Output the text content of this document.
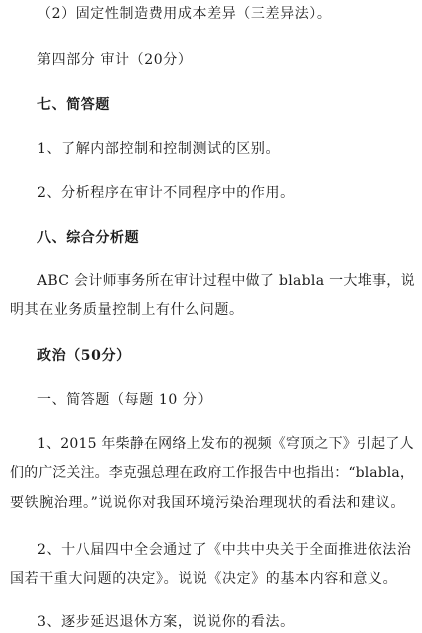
（2）固定性制造费用成本差异（三差异法）。
第四部分 审计（20分）
七、简答题
1、了解内部控制和控制测试的区别。
2、分析程序在审计不同程序中的作用。
八、综合分析题
ABC 会计师事务所在审计过程中做了 blabla 一大堆事，说
明其在业务质量控制上有什么问题。
政治（50分）
一、简答题（每题 10 分）
1、2015 年柴静在网络上发布的视频《穹顶之下》引起了人
们的广泛关注。李克强总理在政府工作报告中也指出：“blabla，
要铁腕治理。”说说你对我国环境污染治理现状的看法和建议。
2、十八届四中全会通过了《中共中央关于全面推进依法治
国若干重大问题的决定》。说说《决定》的基本内容和意义。
3、逐步延迟退休方案，说说你的看法。
